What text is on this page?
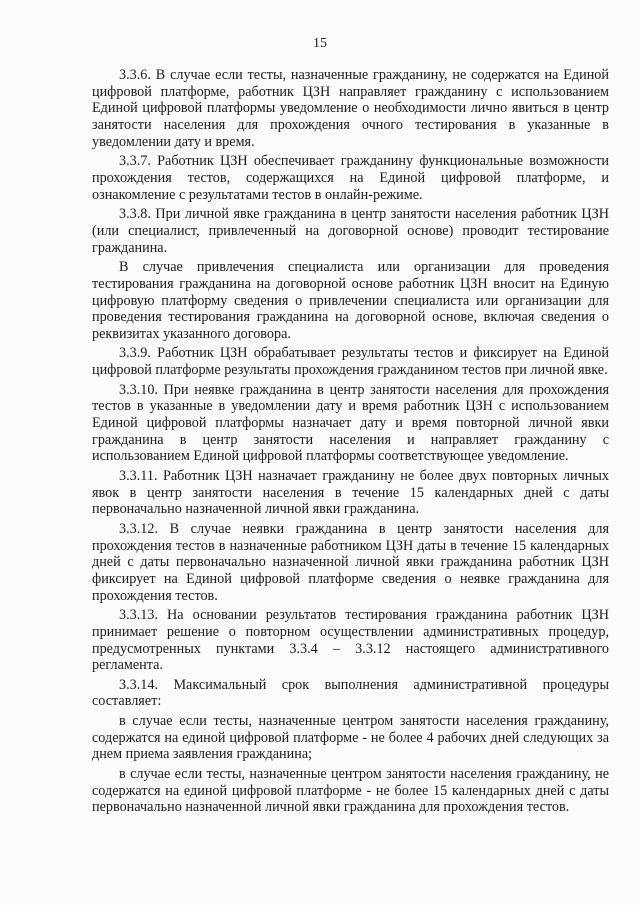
15

3.3.6. В случае если тесты, назначенные гражданину, не содержатся на Единой цифровой платформе, работник ЦЗН направляет гражданину с использованием Единой цифровой платформы уведомление о необходимости лично явиться в центр занятости населения для прохождения очного тестирования в указанные в уведомлении дату и время.

3.3.7. Работник ЦЗН обеспечивает гражданину функциональные возможности прохождения тестов, содержащихся на Единой цифровой платформе, и ознакомление с результатами тестов в онлайн-режиме.

3.3.8. При личной явке гражданина в центр занятости населения работник ЦЗН (или специалист, привлеченный на договорной основе) проводит тестирование гражданина.

В случае привлечения специалиста или организации для проведения тестирования гражданина на договорной основе работник ЦЗН вносит на Единую цифровую платформу сведения о привлечении специалиста или организации для проведения тестирования гражданина на договорной основе, включая сведения о реквизитах указанного договора.

3.3.9. Работник ЦЗН обрабатывает результаты тестов и фиксирует на Единой цифровой платформе результаты прохождения гражданином тестов при личной явке.

3.3.10. При неявке гражданина в центр занятости населения для прохождения тестов в указанные в уведомлении дату и время работник ЦЗН с использованием Единой цифровой платформы назначает дату и время повторной личной явки гражданина в центр занятости населения и направляет гражданину с использованием Единой цифровой платформы соответствующее уведомление.

3.3.11. Работник ЦЗН назначает гражданину не более двух повторных личных явок в центр занятости населения в течение 15 календарных дней с даты первоначально назначенной личной явки гражданина.

3.3.12. В случае неявки гражданина в центр занятости населения для прохождения тестов в назначенные работником ЦЗН даты в течение 15 календарных дней с даты первоначально назначенной личной явки гражданина работник ЦЗН фиксирует на Единой цифровой платформе сведения о неявке гражданина для прохождения тестов.

3.3.13. На основании результатов тестирования гражданина работник ЦЗН принимает решение о повторном осуществлении административных процедур, предусмотренных пунктами 3.3.4 – 3.3.12 настоящего административного регламента.

3.3.14. Максимальный срок выполнения административной процедуры составляет:

в случае если тесты, назначенные центром занятости населения гражданину, содержатся на единой цифровой платформе - не более 4 рабочих дней следующих за днем приема заявления гражданина;

в случае если тесты, назначенные центром занятости населения гражданину, не содержатся на единой цифровой платформе - не более 15 календарных дней с даты первоначально назначенной личной явки гражданина для прохождения тестов.
